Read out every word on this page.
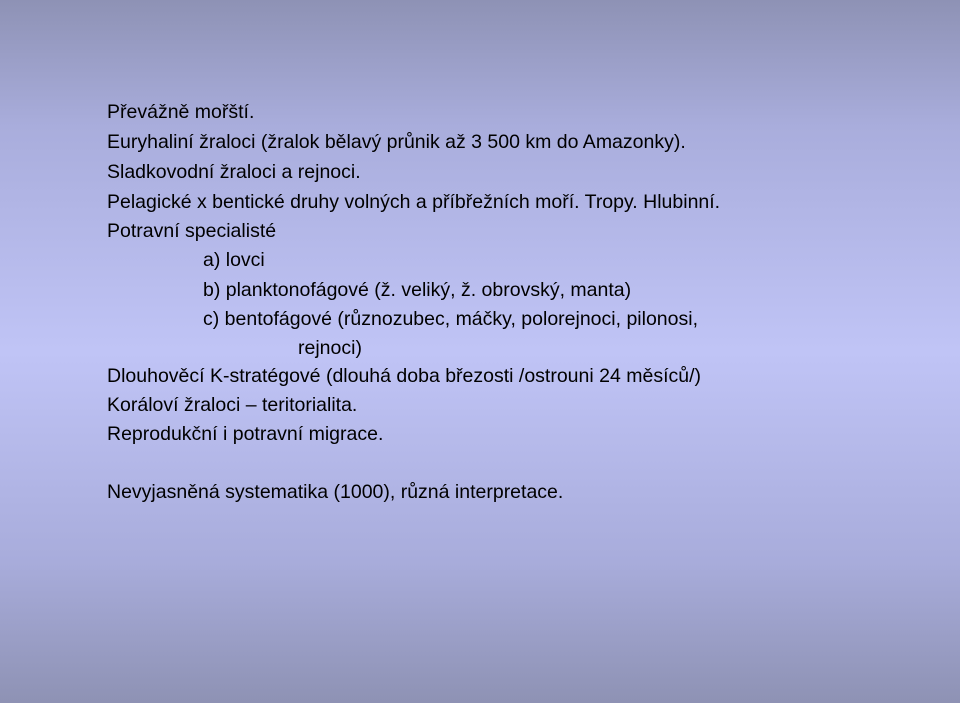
Převážně mořští.
Euryhaliní žraloci (žralok bělavý průnik až 3 500 km do Amazonky).
Sladkovodní žraloci a rejnoci.
Pelagické x bentické druhy volných a příbřežních moří. Tropy. Hlubinní.
Potravní specialisté
a) lovci
b) planktonofágové (ž. veliký, ž. obrovský, manta)
c) bentofágové (různozubec, máčky, polorejnoci, pilonosi,
rejnoci)
Dlouhověcí K-stratégové (dlouhá doba březosti /ostrouni 24 měsíců/)
Koráloví žraloci – teritorialita.
Reprodukční i potravní migrace.
Nevyjasněná systematika (1000), různá interpretace.
